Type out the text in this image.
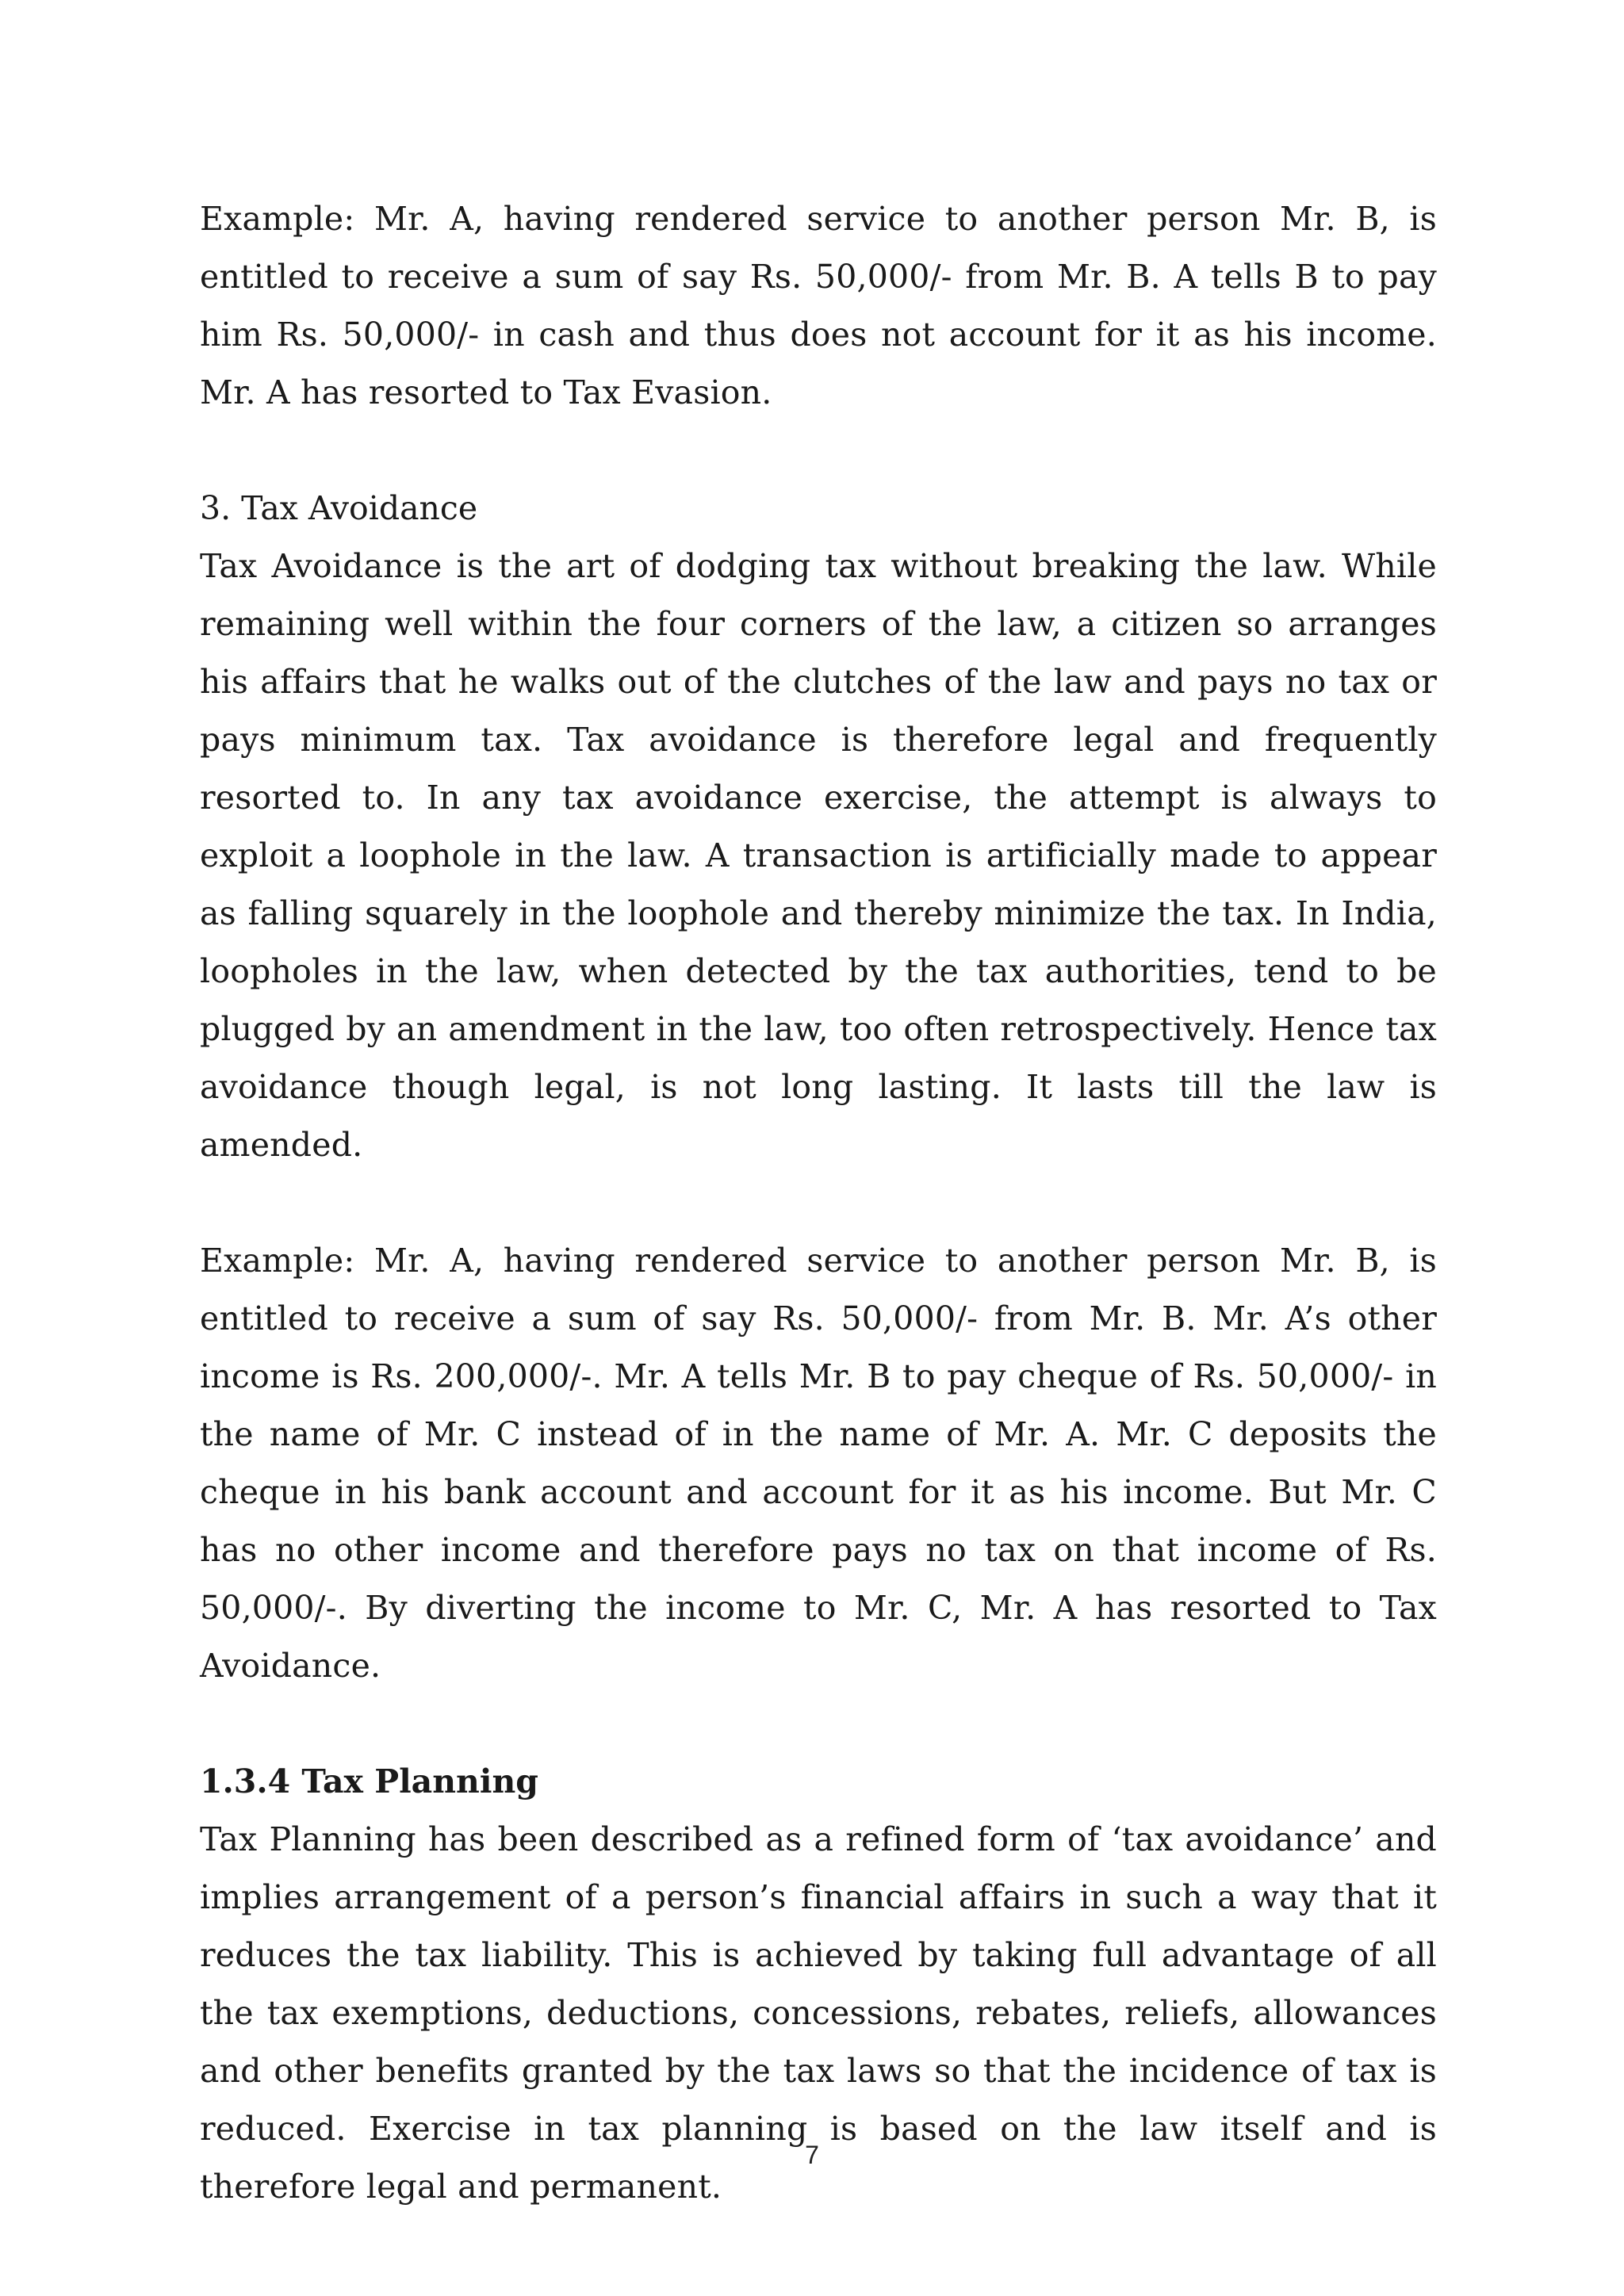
Example: Mr. A, having rendered service to another person Mr. B, is entitled to receive a sum of say Rs. 50,000/- from Mr. B. A tells B to pay him Rs. 50,000/- in cash and thus does not account for it as his income. Mr. A has resorted to Tax Evasion.

3. Tax Avoidance

Tax Avoidance is the art of dodging tax without breaking the law. While remaining well within the four corners of the law, a citizen so arranges his affairs that he walks out of the clutches of the law and pays no tax or pays minimum tax. Tax avoidance is therefore legal and frequently resorted to. In any tax avoidance exercise, the attempt is always to exploit a loophole in the law. A transaction is artificially made to appear as falling squarely in the loophole and thereby minimize the tax. In India, loopholes in the law, when detected by the tax authorities, tend to be plugged by an amendment in the law, too often retrospectively. Hence tax avoidance though legal, is not long lasting. It lasts till the law is amended.

Example: Mr. A, having rendered service to another person Mr. B, is entitled to receive a sum of say Rs. 50,000/- from Mr. B. Mr. A’s other income is Rs. 200,000/-. Mr. A tells Mr. B to pay cheque of Rs. 50,000/- in the name of Mr. C instead of in the name of Mr. A. Mr. C deposits the cheque in his bank account and account for it as his income. But Mr. C has no other income and therefore pays no tax on that income of Rs. 50,000/-. By diverting the income to Mr. C, Mr. A has resorted to Tax Avoidance.

1.3.4 Tax Planning

Tax Planning has been described as a refined form of ‘tax avoidance’ and implies arrangement of a person’s financial affairs in such a way that it reduces the tax liability. This is achieved by taking full advantage of all the tax exemptions, deductions, concessions, rebates, reliefs, allowances and other benefits granted by the tax laws so that the incidence of tax is reduced. Exercise in tax planning is based on the law itself and is therefore legal and permanent.

7
